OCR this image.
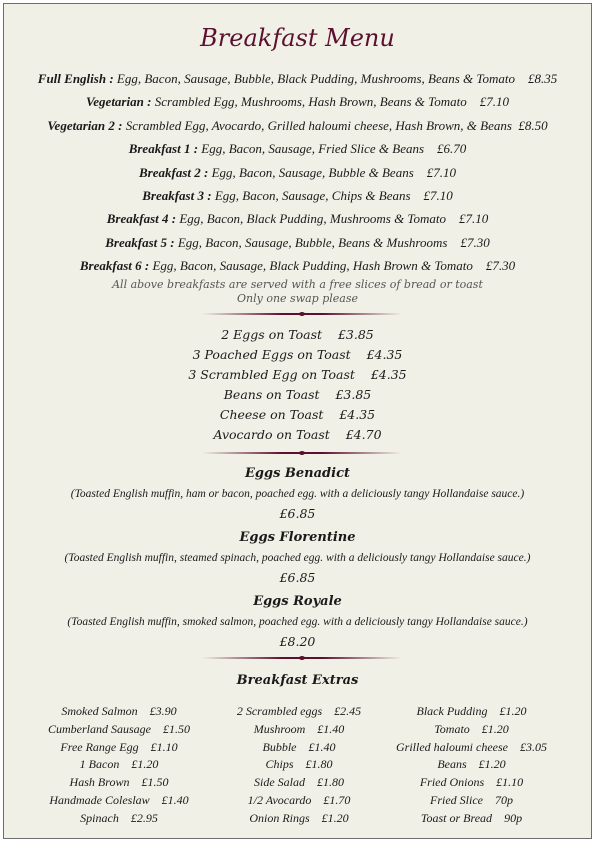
Breakfast Menu
Full English : Egg, Bacon, Sausage, Bubble, Black Pudding, Mushrooms, Beans & Tomato £8.35
Vegetarian : Scrambled Egg, Mushrooms, Hash Brown, Beans & Tomato £7.10
Vegetarian 2 : Scrambled Egg, Avocardo, Grilled haloumi cheese, Hash Brown, & Beans £8.50
Breakfast 1 : Egg, Bacon, Sausage, Fried Slice & Beans £6.70
Breakfast 2 : Egg, Bacon, Sausage, Bubble & Beans £7.10
Breakfast 3 : Egg, Bacon, Sausage, Chips & Beans £7.10
Breakfast 4 : Egg, Bacon, Black Pudding, Mushrooms & Tomato £7.10
Breakfast 5 : Egg, Bacon, Sausage, Bubble, Beans & Mushrooms £7.30
Breakfast 6 : Egg, Bacon, Sausage, Black Pudding, Hash Brown & Tomato £7.30
All above breakfasts are served with a free slices of bread or toast
Only one swap please
2 Eggs on Toast £3.85
3 Poached Eggs on Toast £4.35
3 Scrambled Egg on Toast £4.35
Beans on Toast £3.85
Cheese on Toast £4.35
Avocardo on Toast £4.70
Eggs Benadict
(Toasted English muffin, ham or bacon, poached egg. with a deliciously tangy Hollandaise sauce.)
£6.85
Eggs Florentine
(Toasted English muffin, steamed spinach, poached egg. with a deliciously tangy Hollandaise sauce.)
£6.85
Eggs Royale
(Toasted English muffin, smoked salmon, poached egg. with a deliciously tangy Hollandaise sauce.)
£8.20
Breakfast Extras
Smoked Salmon £3.90
Cumberland Sausage £1.50
Free Range Egg £1.10
1 Bacon £1.20
Hash Brown £1.50
Handmade Coleslaw £1.40
Spinach £2.95
2 Scrambled eggs £2.45
Mushroom £1.40
Bubble £1.40
Chips £1.80
Side Salad £1.80
1/2 Avocardo £1.70
Onion Rings £1.20
Black Pudding £1.20
Tomato £1.20
Grilled haloumi cheese £3.05
Beans £1.20
Fried Onions £1.10
Fried Slice 70p
Toast or Bread 90p
